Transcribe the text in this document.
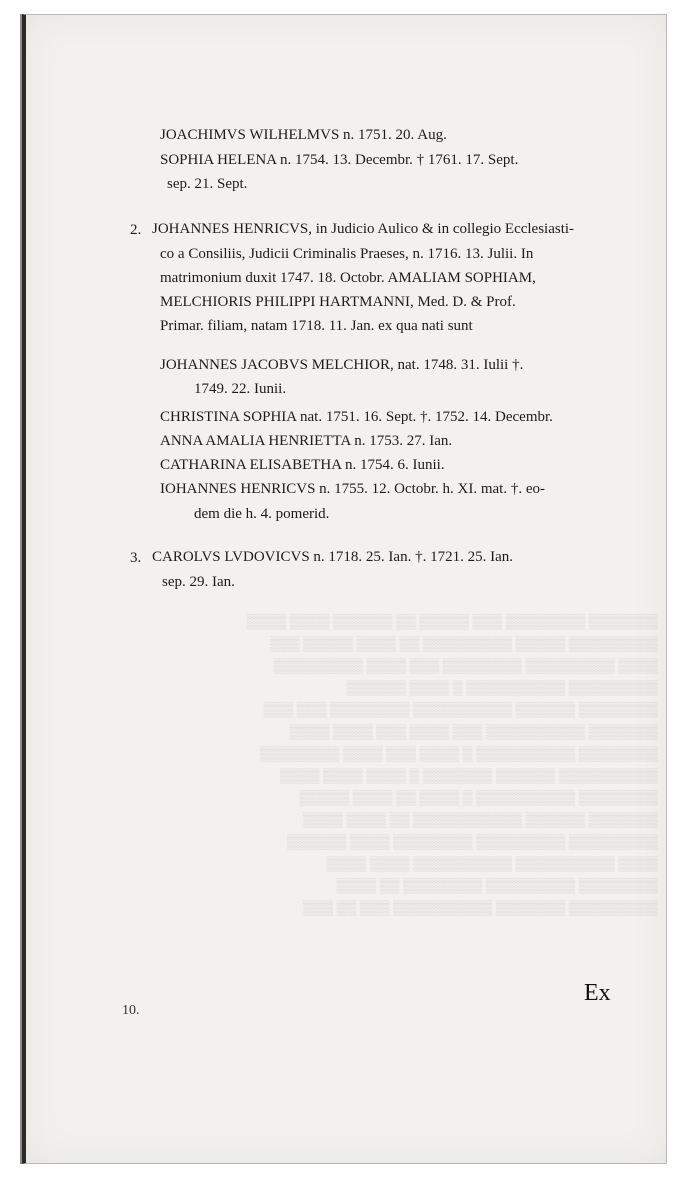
▒▒▒▒▒▒▒ ▒▒▒▒▒▒▒▒ ▒▒▒ ▒▒▒▒▒ ▒▒ ▒▒▒▒▒▒ ▒▒▒▒ ▒▒▒▒
▒▒▒▒▒▒▒▒▒ ▒▒▒▒▒ ▒▒▒▒▒▒▒▒▒ ▒▒ ▒▒▒▒ ▒▒▒▒▒ ▒▒▒
▒▒▒▒ ▒▒▒▒▒▒▒▒▒ ▒▒▒▒▒▒▒▒ ▒▒▒ ▒▒▒▒ ▒▒▒▒▒▒▒▒▒
▒▒▒▒▒▒▒▒▒ ▒▒▒▒▒▒▒▒▒▒ ▒ ▒▒▒▒ ▒▒▒▒▒▒
▒▒▒▒▒▒▒▒ ▒▒▒▒▒▒ ▒▒▒▒▒▒▒▒▒▒ ▒▒▒▒▒▒▒▒ ▒▒▒ ▒▒▒
▒▒▒▒▒▒▒ ▒▒▒▒▒▒▒▒▒▒ ▒▒▒ ▒▒▒▒ ▒▒▒ ▒▒▒▒ ▒▒▒▒
▒▒▒▒▒▒▒▒ ▒▒▒▒▒▒▒▒▒▒ ▒ ▒▒▒▒ ▒▒▒ ▒▒▒▒ ▒▒▒▒▒▒▒▒
▒▒▒▒▒▒▒▒▒▒ ▒▒▒▒▒▒ ▒▒▒▒▒▒▒ ▒ ▒▒▒▒ ▒▒▒▒ ▒▒▒▒
▒▒▒▒▒▒▒▒ ▒▒▒▒▒▒▒▒▒▒ ▒ ▒▒▒▒ ▒▒ ▒▒▒▒ ▒▒▒▒▒
▒▒▒▒▒▒▒ ▒▒▒▒▒▒ ▒▒▒▒▒▒▒▒▒▒▒ ▒▒ ▒▒▒▒ ▒▒▒▒
▒▒▒▒▒▒▒▒▒ ▒▒▒▒▒▒▒▒▒ ▒▒▒▒▒▒▒▒ ▒▒▒▒ ▒▒▒▒▒▒
▒▒▒▒ ▒▒▒▒▒▒▒▒▒▒ ▒▒▒▒▒▒▒▒▒▒ ▒▒▒▒ ▒▒▒▒
▒▒▒▒▒▒▒▒ ▒▒▒▒▒▒▒▒▒ ▒▒▒▒▒▒▒▒ ▒▒ ▒▒▒▒
▒▒▒▒▒▒▒▒▒ ▒▒▒▒▒▒▒ ▒▒▒▒▒▒▒▒▒▒ ▒▒▒ ▒▒ ▒▒▒
JOACHIMVS WILHELMVS n. 1751. 20. Aug.
SOPHIA HELENA n. 1754. 13. Decembr. † 1761. 17. Sept.
sep. 21. Sept.
2. JOHANNES HENRICVS, in Judicio Aulico & in collegio Ecclesiasti-
co a Consiliis, Judicii Criminalis Praeses, n. 1716. 13. Julii. In
matrimonium duxit 1747. 18. Octobr. AMALIAM SOPHIAM,
MELCHIORIS PHILIPPI HARTMANNI, Med. D. & Prof.
Primar. filiam, natam 1718. 11. Jan. ex qua nati sunt
JOHANNES JACOBVS MELCHIOR, nat. 1748. 31. Iulii †.
1749. 22. Iunii.
CHRISTINA SOPHIA nat. 1751. 16. Sept. †. 1752. 14. Decembr.
ANNA AMALIA HENRIETTA n. 1753. 27. Ian.
CATHARINA ELISABETHA n. 1754. 6. Iunii.
IOHANNES HENRICVS n. 1755. 12. Octobr. h. XI. mat. †. eo-
dem die h. 4. pomerid.
3. CAROLVS LVDOVICVS n. 1718. 25. Ian. †. 1721. 25. Ian.
sep. 29. Ian.
Ex
10.
